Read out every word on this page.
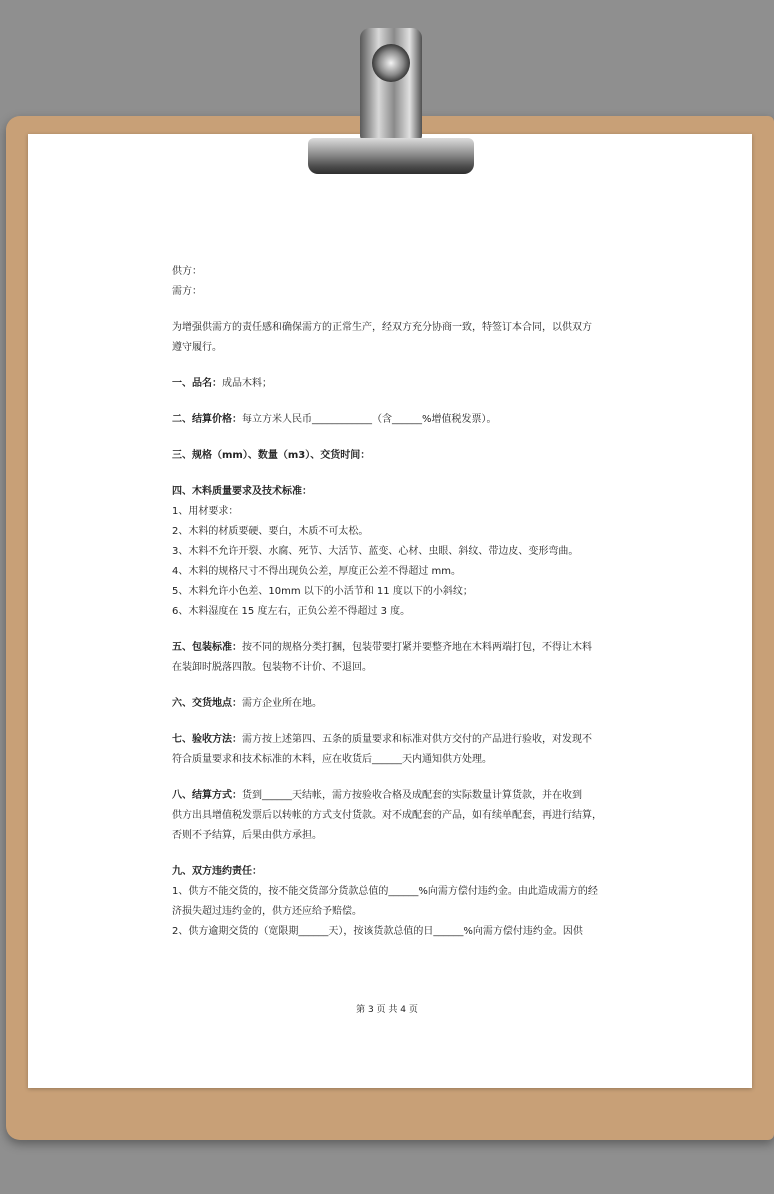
供方：

需方：

为增强供需方的责任感和确保需方的正常生产，经双方充分协商一致，特签订本合同，以供双方

遵守履行。

一、品名：成品木料；

二、结算价格：每立方米人民币____________（含______%增值税发票）。

三、规格（mm）、数量（m3）、交货时间：

四、木料质量要求及技术标准：

1、用材要求：

2、木料的材质要硬、要白，木质不可太松。

3、木料不允许开裂、水腐、死节、大活节、蓝变、心材、虫眼、斜纹、带边皮、变形弯曲。

4、木料的规格尺寸不得出现负公差，厚度正公差不得超过 mm。

5、木料允许小色差、10mm 以下的小活节和 11 度以下的小斜纹；

6、木料湿度在 15 度左右，正负公差不得超过 3 度。

五、包装标准：按不同的规格分类打捆，包装带要打紧并要整齐地在木料两端打包，不得让木料

在装卸时脱落四散。包装物不计价、不退回。

六、交货地点：需方企业所在地。

七、验收方法：需方按上述第四、五条的质量要求和标准对供方交付的产品进行验收，对发现不

符合质量要求和技术标准的木料，应在收货后______天内通知供方处理。

八、结算方式：货到______天结帐，需方按验收合格及成配套的实际数量计算货款，并在收到

供方出具增值税发票后以转帐的方式支付货款。对不成配套的产品，如有续单配套，再进行结算，

否则不予结算，后果由供方承担。

九、双方违约责任：

1、供方不能交货的，按不能交货部分货款总值的______%向需方偿付违约金。由此造成需方的经

济损失超过违约金的，供方还应给予赔偿。

2、供方逾期交货的（宽限期______天），按该货款总值的日______%向需方偿付违约金。因供

第 3 页 共 4 页
